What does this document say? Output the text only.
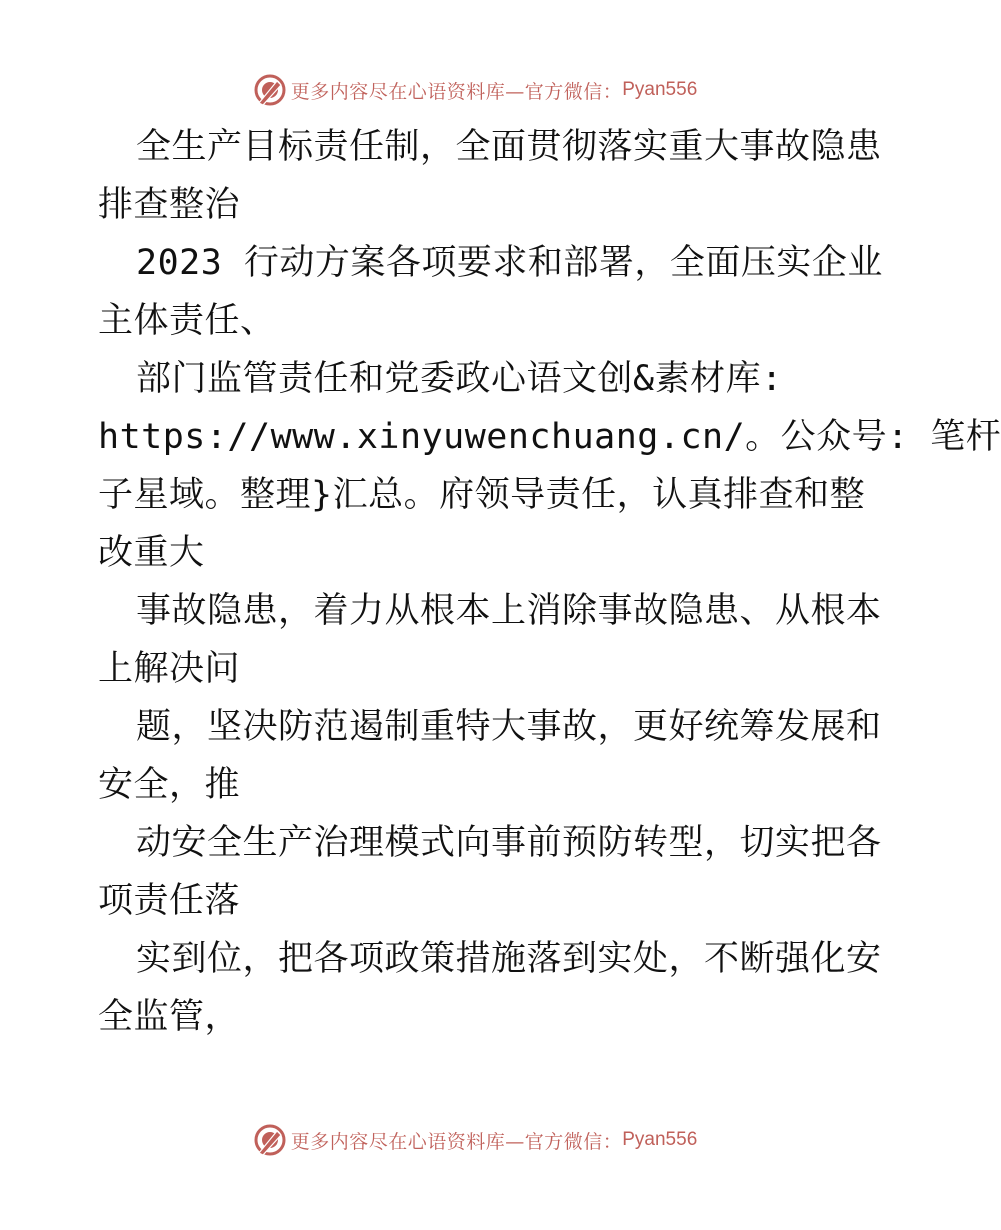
更多内容尽在心语资料库—官方微信： Pyan556
全生产目标责任制，全面贯彻落实重大事故隐患
排查整治
2023 行动方案各项要求和部署，全面压实企业
主体责任、
部门监管责任和党委政心语文创&素材库:
https://www.xinyuwenchuang.cn/。公众号: 笔杆
子星域。整理}汇总。府领导责任，认真排查和整
改重大
事故隐患，着力从根本上消除事故隐患、从根本
上解决问
题，坚决防范遏制重特大事故，更好统筹发展和
安全，推
动安全生产治理模式向事前预防转型，切实把各
项责任落
实到位，把各项政策措施落到实处，不断强化安
全监管，
更多内容尽在心语资料库—官方微信： Pyan556
